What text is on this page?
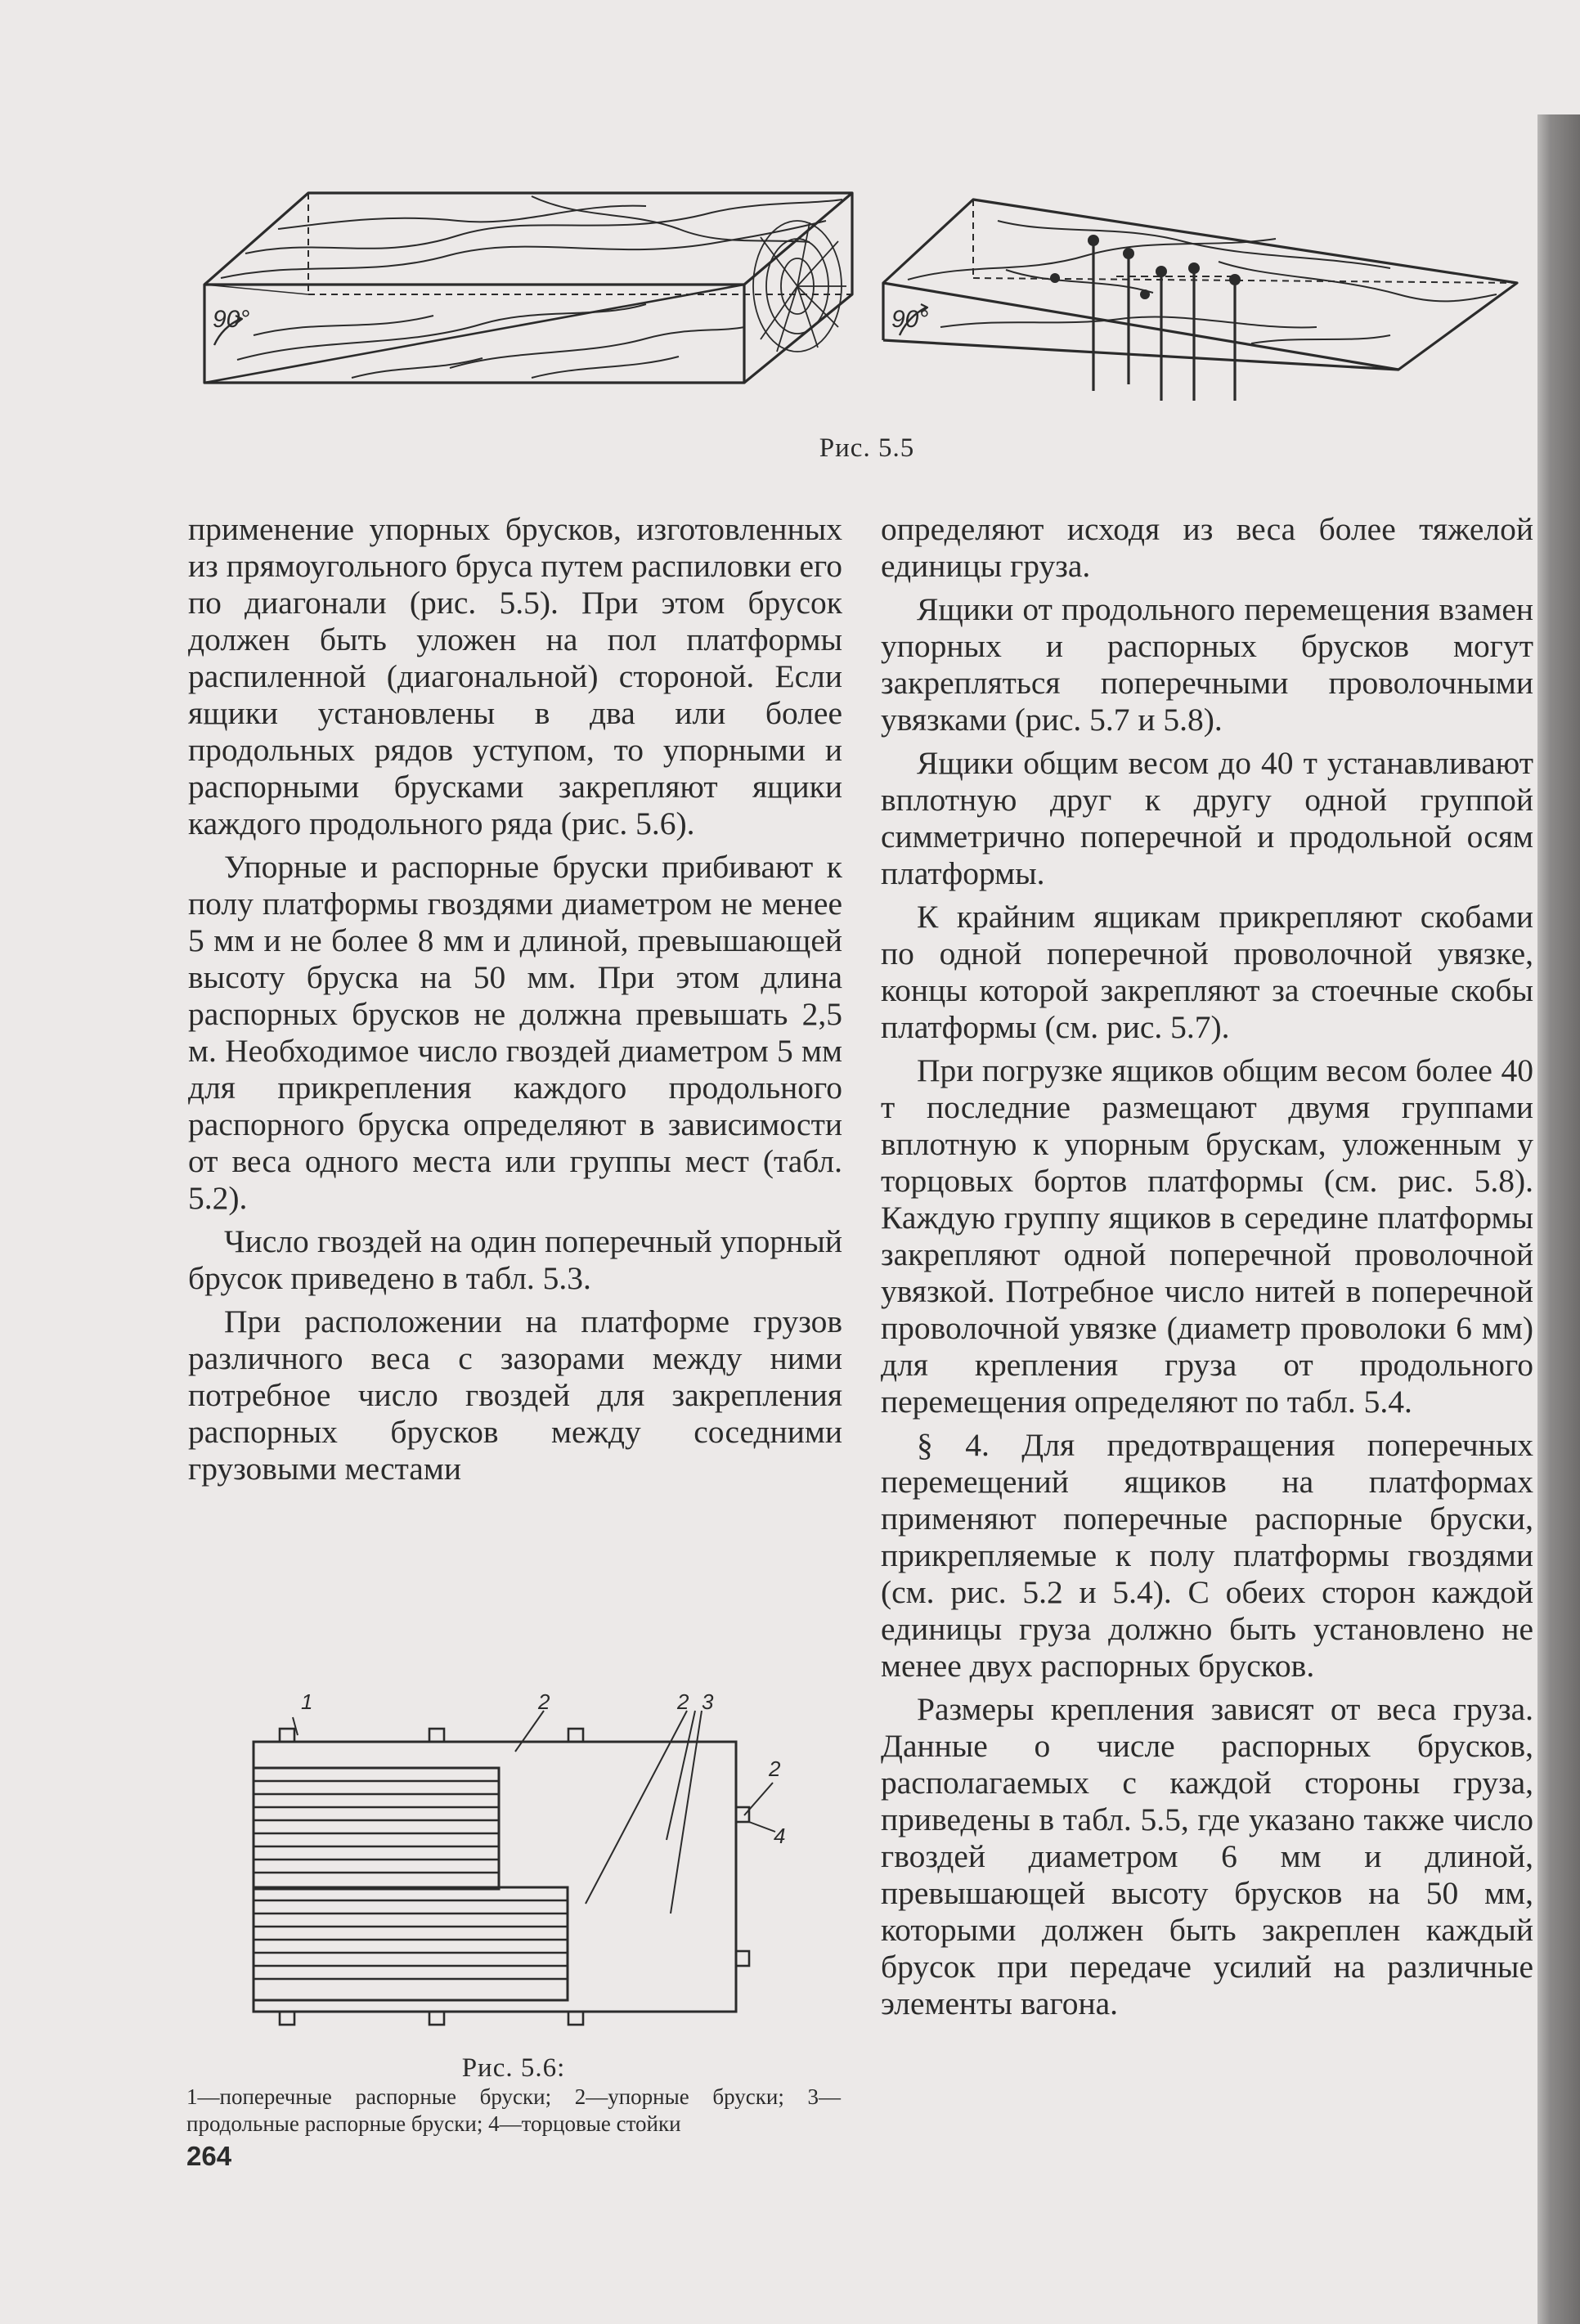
90°	90°
Рис. 5.5

применение упорных брусков, изготовленных из прямоугольного бруса путем распиловки его по диагонали (рис. 5.5). При этом брусок должен быть уложен на пол платформы распиленной (диагональной) стороной. Если ящики установлены в два или более продольных рядов уступом, то упорными и распорными брусками закрепляют ящики каждого продольного ряда (рис. 5.6).

Упорные и распорные бруски прибивают к полу платформы гвоздями диаметром не менее 5 мм и не более 8 мм и длиной, превышающей высоту бруска на 50 мм. При этом длина распорных брусков не должна превышать 2,5 м. Необходимое число гвоздей диаметром 5 мм для прикрепления каждого продольного распорного бруска определяют в зависимости от веса одного места или группы мест (табл. 5.2).

Число гвоздей на один поперечный упорный брусок приведено в табл. 5.3.

При расположении на платформе грузов различного веса с зазорами между ними потребное число гвоздей для закрепления распорных брусков между соседними грузовыми местами

определяют исходя из веса более тяжелой единицы груза.

Ящики от продольного перемещения взамен упорных и распорных брусков могут закрепляться поперечными проволочными увязками (рис. 5.7 и 5.8).

Ящики общим весом до 40 т устанавливают вплотную друг к другу одной группой симметрично поперечной и продольной осям платформы.

К крайним ящикам прикрепляют скобами по одной поперечной проволочной увязке, концы которой закрепляют за стоечные скобы платформы (см. рис. 5.7).

При погрузке ящиков общим весом более 40 т последние размещают двумя группами вплотную к упорным брускам, уложенным у торцовых бортов платформы (см. рис. 5.8). Каждую группу ящиков в середине платформы закрепляют одной поперечной проволочной увязкой. Потребное число нитей в поперечной проволочной увязке (диаметр проволоки 6 мм) для крепления груза от продольного перемещения определяют по табл. 5.4.

§ 4. Для предотвращения поперечных перемещений ящиков на платформах применяют поперечные распорные бруски, прикрепляемые к полу платформы гвоздями (см. рис. 5.2 и 5.4). С обеих сторон каждой единицы груза должно быть установлено не менее двух распорных брусков.

Размеры крепления зависят от веса груза. Данные о числе распорных брусков, располагаемых с каждой стороны груза, приведены в табл. 5.5, где указано также число гвоздей диаметром 6 мм и длиной, превышающей высоту брусков на 50 мм, которыми должен быть закреплен каждый брусок при передаче усилий на различные элементы вагона.

1	2	2 3
2
4
Рис. 5.6:
1—поперечные распорные бруски; 2—упорные бруски; 3—продольные распорные бруски; 4—торцовые стойки
264
